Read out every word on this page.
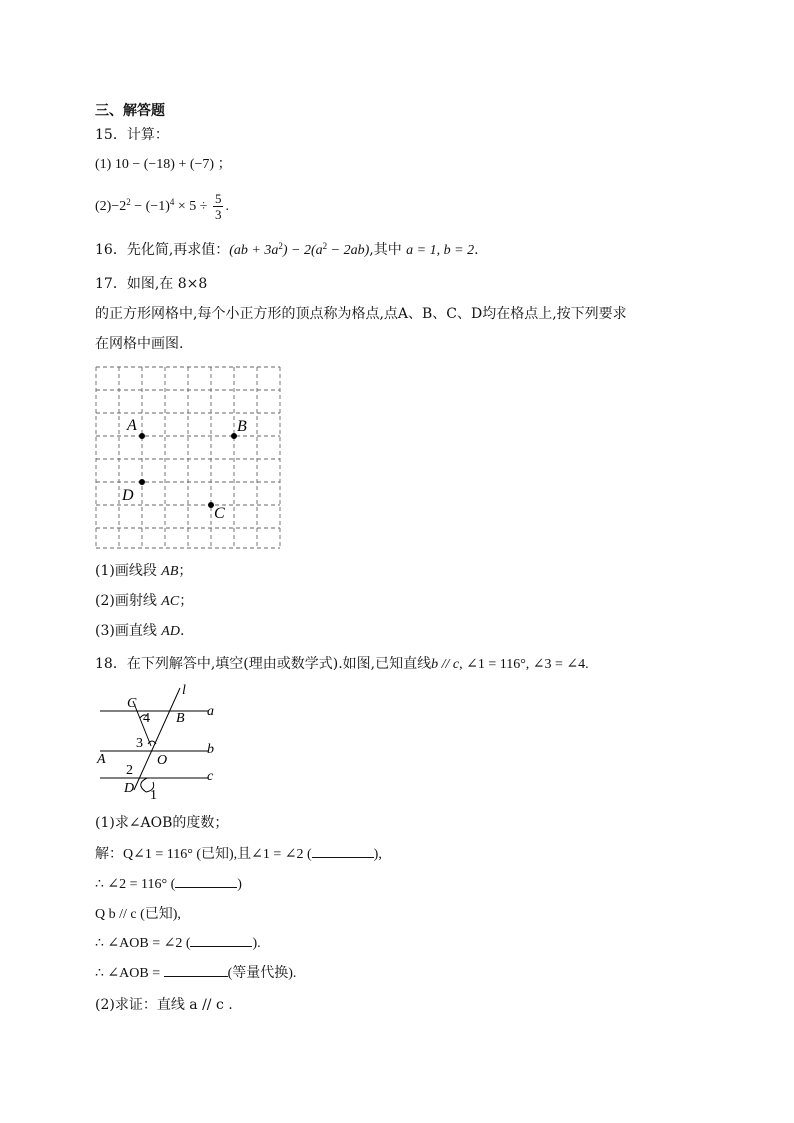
三、解答题
15．计算：
(1) 10 − (−18) + (−7) ；
$(2)-2^2 - (-1)^4 \times 5 \div \frac{5}{3}$ .
16．先化简,再求值：$(ab + 3a^2) - 2(a^2 - 2ab)$,其中 a = 1, b = 2.
17．如图,在 8×8
的正方形网格中,每个小正方形的顶点称为格点,点A、B、C、D均在格点上,按下列要求
在网格中画图.
A	B
D
C
(1)画线段 AB；
(2)画射线 AC；
(3)画直线 AD.
18．在下列解答中,填空(理由或数学式).如图,已知直线b // c, ∠1 = 116°, ∠3 = ∠4.
l
a
b
c
C
B
4
3
A	O
2
D 1
(1)求∠AOB的度数；
解：Q∠1 = 116° (已知),且∠1 = ∠2 (	),
∴ ∠2 = 116° (	)
Q b // c (已知),
∴ ∠AOB = ∠2 (	).
∴ ∠AOB =	(等量代换).
(2)求证：直线 a // c .
